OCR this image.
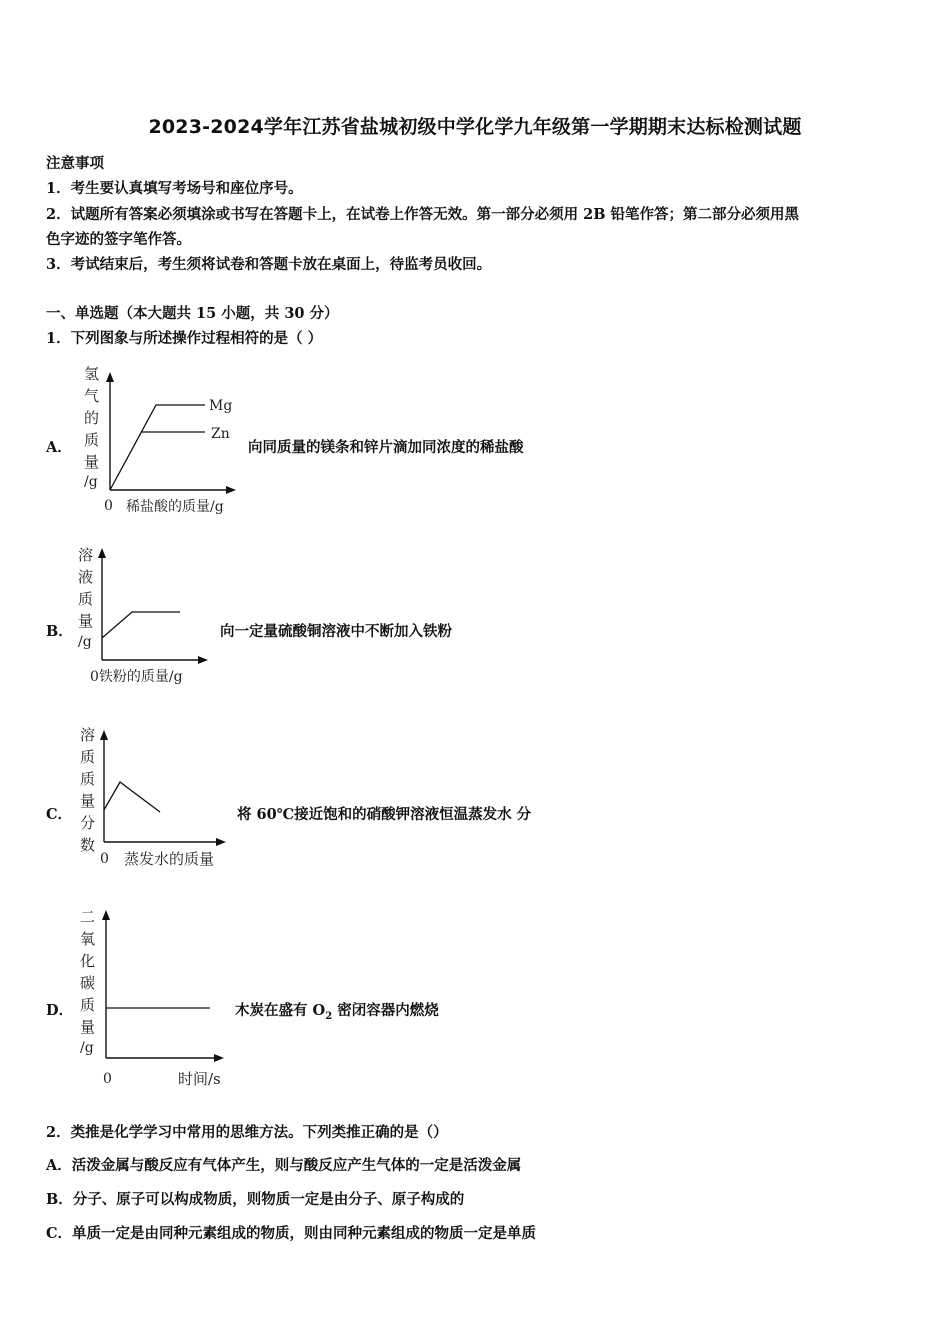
2023-2024学年江苏省盐城初级中学化学九年级第一学期期末达标检测试题
注意事项
1．考生要认真填写考场号和座位序号。
2．试题所有答案必须填涂或书写在答题卡上，在试卷上作答无效。第一部分必须用 2B 铅笔作答；第二部分必须用黑
色字迹的签字笔作答。
3．考试结束后，考生须将试卷和答题卡放在桌面上，待监考员收回。
一、单选题（本大题共 15 小题，共 30 分）
1．下列图象与所述操作过程相符的是（ ）
A．
氢
气
的
质
量
/g
Mg
Zn
0 稀盐酸的质量/g
向同质量的镁条和锌片滴加同浓度的稀盐酸
B．
溶
液
质
量
/g
0铁粉的质量/g
向一定量硫酸铜溶液中不断加入铁粉
C．
溶
质
质
量
分
数
0 蒸发水的质量
将 60℃接近饱和的硝酸钾溶液恒温蒸发水 分
D．
二
氧
化
碳
质
量
/g
0	时间/s
木炭在盛有 $O_2$ 密闭容器内燃烧
2．类推是化学学习中常用的思维方法。下列类推正确的是（）
A．活泼金属与酸反应有气体产生，则与酸反应产生气体的一定是活泼金属
B．分子、原子可以构成物质，则物质一定是由分子、原子构成的
C．单质一定是由同种元素组成的物质，则由同种元素组成的物质一定是单质
